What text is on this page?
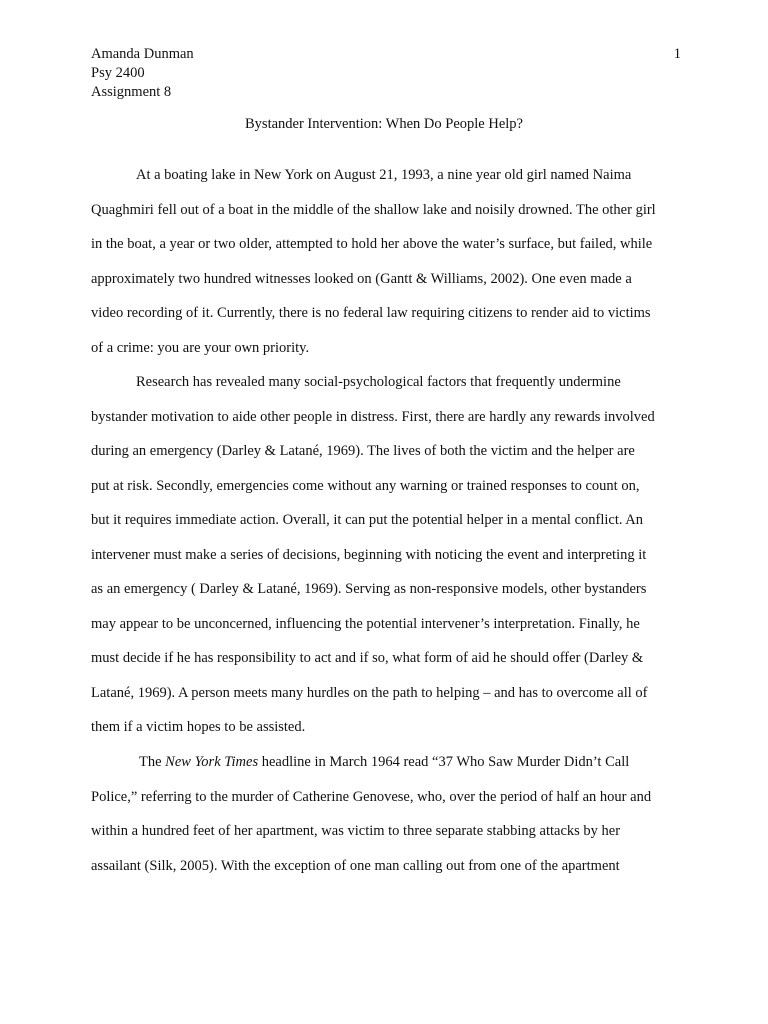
Amanda Dunman
Psy 2400
Assignment 8
1
Bystander Intervention: When Do People Help?
At a boating lake in New York on August 21, 1993, a nine year old girl named Naima
Quaghmiri fell out of a boat in the middle of the shallow lake and noisily drowned. The other girl
in the boat, a year or two older, attempted to hold her above the water’s surface, but failed, while
approximately two hundred witnesses looked on (Gantt & Williams, 2002). One even made a
video recording of it. Currently, there is no federal law requiring citizens to render aid to victims
of a crime: you are your own priority.
Research has revealed many social-psychological factors that frequently undermine
bystander motivation to aide other people in distress. First, there are hardly any rewards involved
during an emergency (Darley & Latané, 1969). The lives of both the victim and the helper are
put at risk. Secondly, emergencies come without any warning or trained responses to count on,
but it requires immediate action. Overall, it can put the potential helper in a mental conflict. An
intervener must make a series of decisions, beginning with noticing the event and interpreting it
as an emergency ( Darley & Latané, 1969). Serving as non-responsive models, other bystanders
may appear to be unconcerned, influencing the potential intervener’s interpretation. Finally, he
must decide if he has responsibility to act and if so, what form of aid he should offer (Darley &
Latané, 1969). A person meets many hurdles on the path to helping – and has to overcome all of
them if a victim hopes to be assisted.
The New York Times headline in March 1964 read “37 Who Saw Murder Didn’t Call
Police,” referring to the murder of Catherine Genovese, who, over the period of half an hour and
within a hundred feet of her apartment, was victim to three separate stabbing attacks by her
assailant (Silk, 2005). With the exception of one man calling out from one of the apartment
